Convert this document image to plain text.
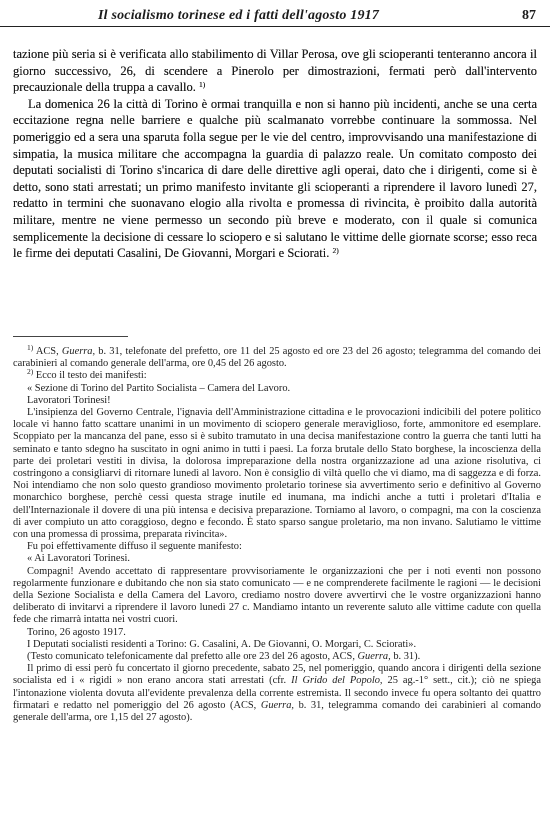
Il socialismo torinese ed i fatti dell'agosto 1917	87

tazione più seria si è verificata allo stabilimento di Villar Perosa, ove gli scioperanti tenteranno ancora il giorno successivo, 26, di scendere a Pinerolo per dimostrazioni, fermati però dall'intervento precauzionale della truppa a cavallo. $^{1)}$

La domenica 26 la città di Torino è ormai tranquilla e non si hanno più incidenti, anche se una certa eccitazione regna nelle barriere e qualche più scalmanato vorrebbe continuare la sommossa. Nel pomeriggio ed a sera una sparuta folla segue per le vie del centro, improvvisando una manifestazione di simpatia, la musica militare che accompagna la guardia di palazzo reale. Un comitato composto dei deputati socialisti di Torino s'incarica di dare delle direttive agli operai, dato che i dirigenti, come si è detto, sono stati arrestati; un primo manifesto invitante gli scioperanti a riprendere il lavoro lunedì 27, redatto in termini che suonavano elogio alla rivolta e promessa di rivincita, è proibito dalla autorità militare, mentre ne viene permesso un secondo più breve e moderato, con il quale si comunica semplicemente la decisione di cessare lo sciopero e si salutano le vittime delle giornate scorse; esso reca le firme dei deputati Casalini, De Giovanni, Morgari e Sciorati. $^{2)}$

$^{1)}$ ACS, Guerra, b. 31, telefonate del prefetto, ore 11 del 25 agosto ed ore 23 del 26 agosto; telegramma del comando dei carabinieri al comando generale dell'arma, ore 0,45 del 26 agosto.

$^{2)}$ Ecco il testo dei manifesti:

« Sezione di Torino del Partito Socialista – Camera del Lavoro.

Lavoratori Torinesi!

L'insipienza del Governo Centrale, l'ignavia dell'Amministrazione cittadina e le provocazioni indicibili del potere politico locale vi hanno fatto scattare unanimi in un movimento di sciopero generale meraviglioso, forte, ammonitore ed esemplare. Scoppiato per la mancanza del pane, esso si è subito tramutato in una decisa manifestazione contro la guerra che tanti lutti ha seminato e tanto sdegno ha suscitato in ogni animo in tutti i paesi. La forza brutale dello Stato borghese, la incoscienza della parte dei proletari vestiti in divisa, la dolorosa impreparazione della nostra organizzazione ad una azione risolutiva, ci costringono a consigliarvi di ritornare lunedì al lavoro. Non è consiglio di viltà quello che vi diamo, ma di saggezza e di forza. Noi intendiamo che non solo questo grandioso movimento proletario torinese sia avvertimento serio e definitivo al Governo monarchico borghese, perchè cessi questa strage inutile ed inumana, ma indichi anche a tutti i proletari d'Italia e dell'Internazionale il dovere di una più intensa e decisiva preparazione. Torniamo al lavoro, o compagni, ma con la coscienza di aver compiuto un atto coraggioso, degno e fecondo. È stato sparso sangue proletario, ma non invano. Salutiamo le vittime con una promessa di prossima, preparata rivincita».

Fu poi effettivamente diffuso il seguente manifesto:

« Ai Lavoratori Torinesi.

Compagni! Avendo accettato di rappresentare provvisoriamente le organizzazioni che per i noti eventi non possono regolarmente funzionare e dubitando che non sia stato comunicato — e ne comprenderete facilmente le ragioni — le decisioni della Sezione Socialista e della Camera del Lavoro, crediamo nostro dovere avvertirvi che le vostre organizzazioni hanno deliberato di invitarvi a riprendere il lavoro lunedì 27 c. Mandiamo intanto un reverente saluto alle vittime cadute con quella fede che rimarrà intatta nei vostri cuori.

Torino, 26 agosto 1917.

I Deputati socialisti residenti a Torino: G. Casalini, A. De Giovanni, O. Morgari, C. Sciorati».

(Testo comunicato telefonicamente dal prefetto alle ore 23 del 26 agosto, ACS, Guerra, b. 31).

Il primo di essi però fu concertato il giorno precedente, sabato 25, nel pomeriggio, quando ancora i dirigenti della sezione socialista ed i « rigidi » non erano ancora stati arrestati (cfr. Il Grido del Popolo, 25 ag.-1° sett., cit.); ciò ne spiega l'intonazione violenta dovuta all'evidente prevalenza della corrente estremista. Il secondo invece fu opera soltanto dei quattro firmatari e redatto nel pomeriggio del 26 agosto (ACS, Guerra, b. 31, telegramma comando dei carabinieri al comando generale dell'arma, ore 1,15 del 27 agosto).
